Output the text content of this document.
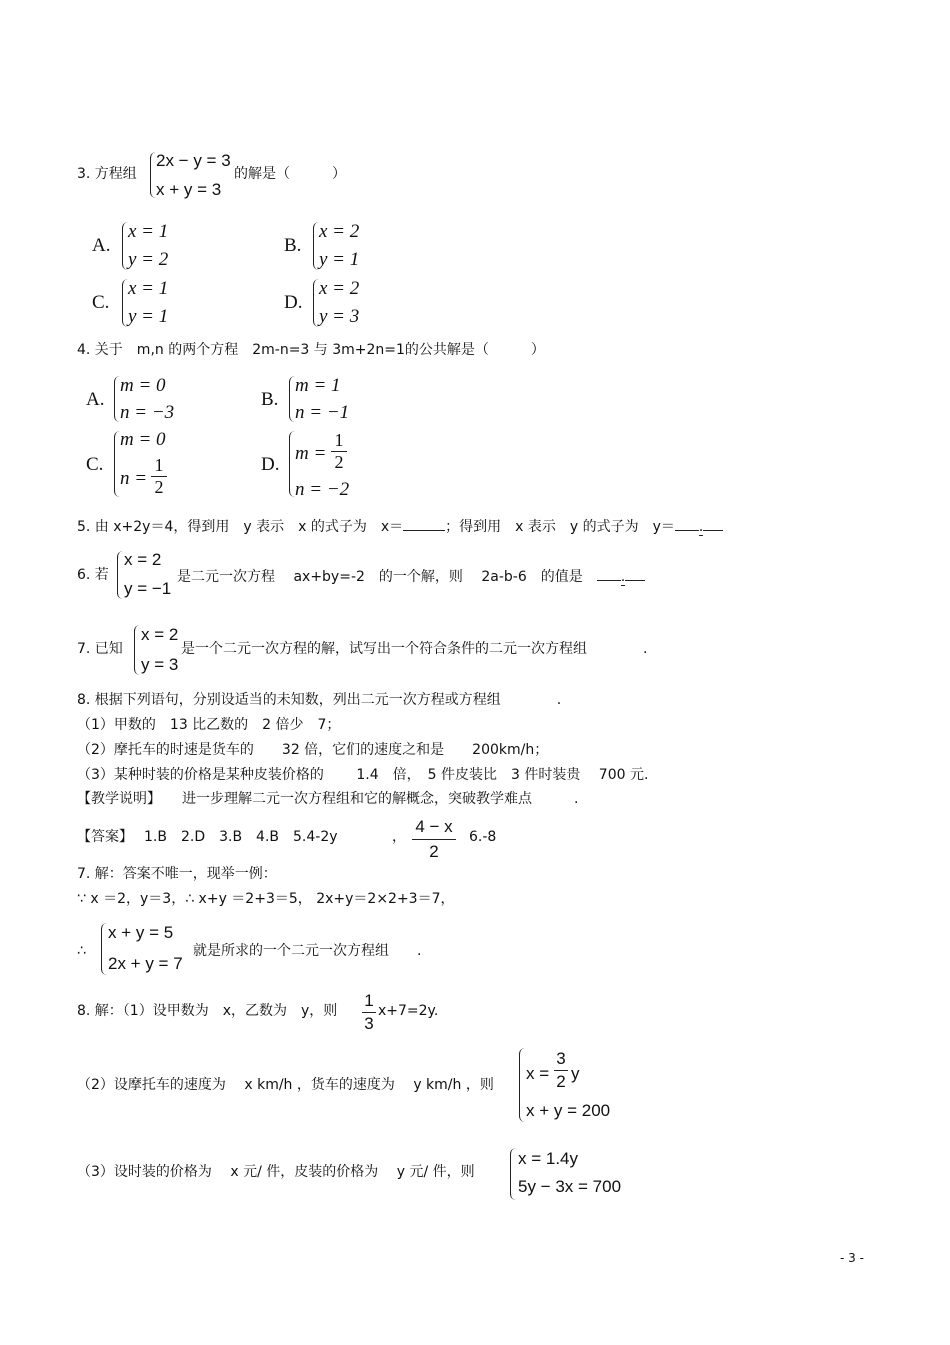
3. 方程组
2x − y = 3
x + y = 3
的解是（　　　）
A.
x = 1
y = 2
B.
x = 2
y = 1
C.
x = 1
y = 1
D.
x = 2
y = 3
4. 关于　m,n 的两个方程　2m-n=3 与 3m+2n=1的公共解是（　　　）
A.
m = 0
n = −3
B.
m = 1
n = −1
C.
m = 0
$n = \frac{1}{2}$	D.
$m = \frac{1}{2}$
n = −2
5. 由 x+2y＝4，得到用　y 表示　x 的式子为　x＝	；得到用　x 表示　y 的式子为　y＝ .
6. 若
x = 2
y = −1
是二元一次方程　 ax+by=-2　的一个解，则　 2a-b-6　的值是　	.
7. 已知
x = 2
y = 3
是一个二元一次方程的解，试写出一个符合条件的二元一次方程组　　　　.
8. 根据下列语句，分别设适当的未知数，列出二元一次方程或方程组　　　　.
（1）甲数的　13 比乙数的　2 倍少　7；
（2）摩托车的时速是货车的　　32 倍，它们的速度之和是　　200km/h；
（3）某种时装的价格是某种皮装价格的　　 1.4　倍，　5 件皮装比　3 件时装贵　 700 元.
【教学说明】　　进一步理解二元一次方程组和它的解概念，突破教学难点　　　.
【答案】 1.B　2.D　3.B　4.B　5.4-2y	， $\frac{4 - x}{2} 6.-8$
7. 解：答案不唯一，现举一例：
∵ x ＝2，y＝3，∴ x+y ＝2+3＝5， 2x+y＝2×2+3＝7，
∴
x + y = 5
2x + y = 7
就是所求的一个二元一次方程组　　.
8. 解：（1）设甲数为　x，乙数为　y，则 $\frac{1}{3} x+7=2y$.
（2）设摩托车的速度为　 x km/h ，货车的速度为　 y km/h ，则
$x = \frac{3}{2}$ y
x + y = 200
（3）设时装的价格为　 x 元/ 件，皮装的价格为　 y 元/ 件，则
x = 1.4y
5y − 3x = 700
- 3 -
